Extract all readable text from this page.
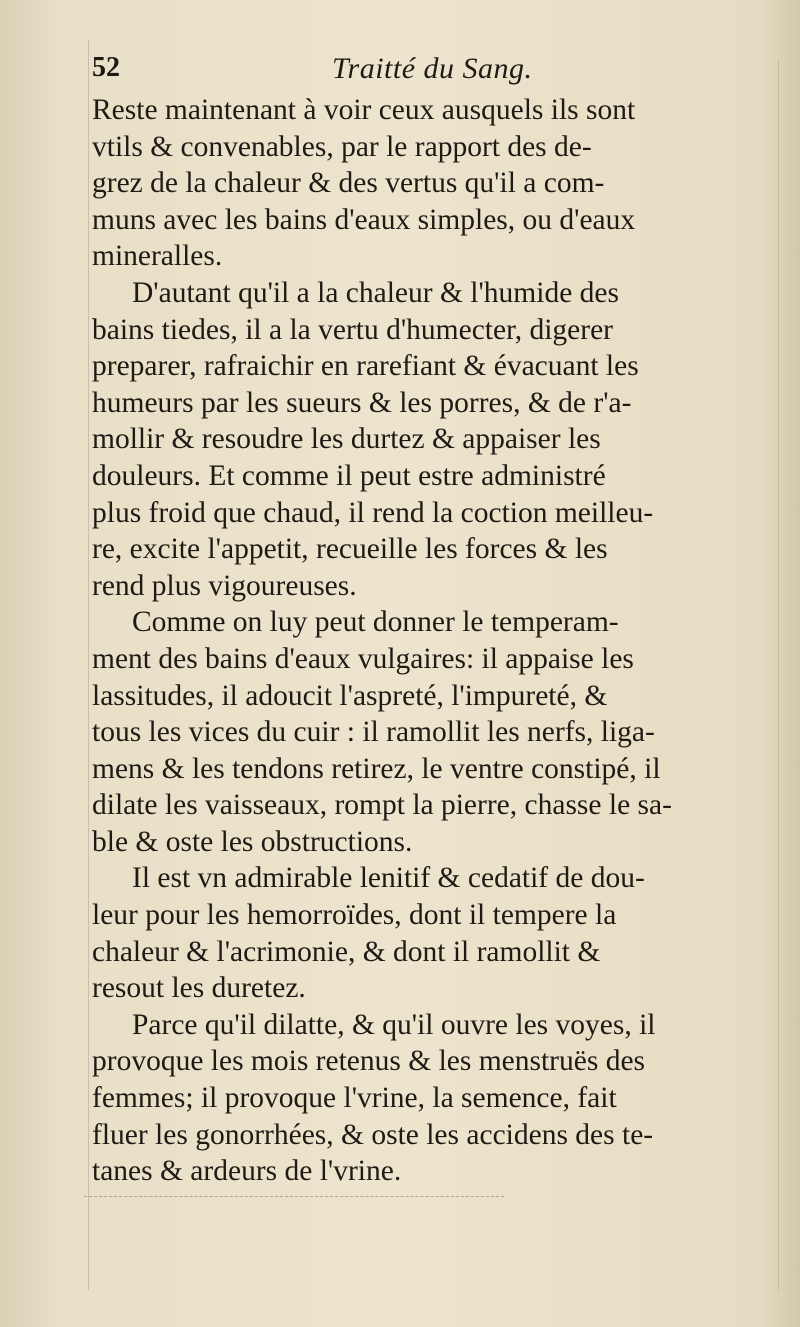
52	Traitté du Sang.
Reste maintenant à voir ceux ausquels ils sont
vtils & convenables, par le rapport des de-
grez de la chaleur & des vertus qu'il a com-
muns avec les bains d'eaux simples, ou d'eaux
mineralles.
D'autant qu'il a la chaleur & l'humide des
bains tiedes, il a la vertu d'humecter, digerer
preparer, rafraichir en rarefiant & évacuant les
humeurs par les sueurs & les porres, & de r'a-
mollir & resoudre les durtez & appaiser les
douleurs. Et comme il peut estre administré
plus froid que chaud, il rend la coction meilleu-
re, excite l'appetit, recueille les forces & les
rend plus vigoureuses.
Comme on luy peut donner le temperam-
ment des bains d'eaux vulgaires: il appaise les
lassitudes, il adoucit l'aspreté, l'impureté, &
tous les vices du cuir : il ramollit les nerfs, liga-
mens & les tendons retirez, le ventre constipé, il
dilate les vaisseaux, rompt la pierre, chasse le sa-
ble & oste les obstructions.
Il est vn admirable lenitif & cedatif de dou-
leur pour les hemorroïdes, dont il tempere la
chaleur & l'acrimonie, & dont il ramollit &
resout les duretez.
Parce qu'il dilatte, & qu'il ouvre les voyes, il
provoque les mois retenus & les menstruës des
femmes; il provoque l'vrine, la semence, fait
fluer les gonorrhées, & oste les accidens des te-
tanes & ardeurs de l'vrine.
